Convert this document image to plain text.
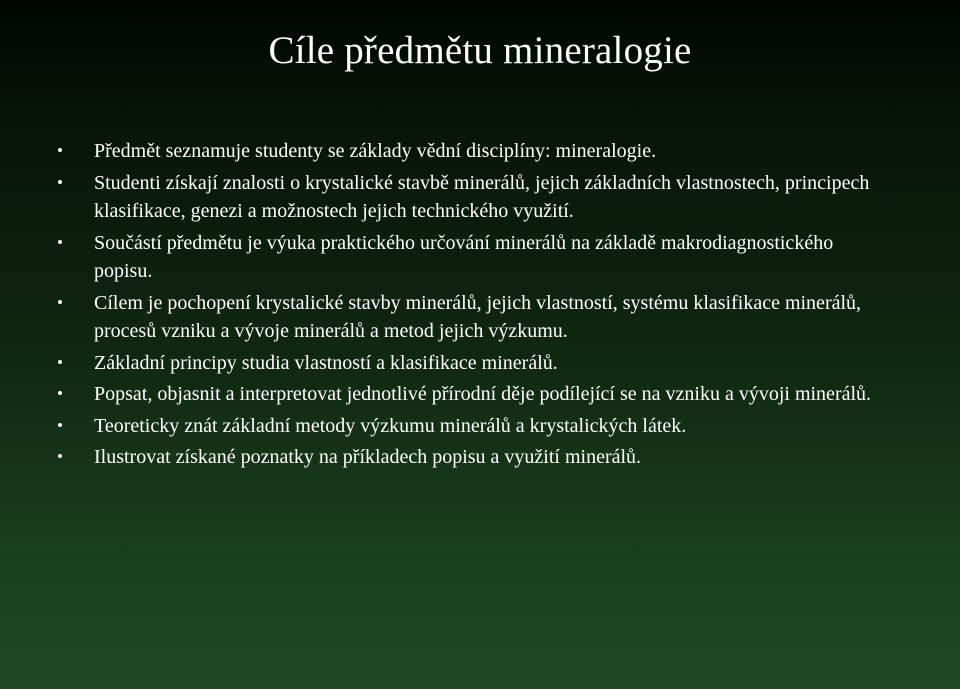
Cíle předmětu mineralogie
• Předmět seznamuje studenty se základy vědní disciplíny: mineralogie.
• Studenti získají znalosti o krystalické stavbě minerálů, jejich základních vlastnostech, principech klasifikace, genezi a možnostech jejich technického využití.
• Součástí předmětu je výuka praktického určování minerálů na základě makrodiagnostického popisu.
• Cílem je pochopení krystalické stavby minerálů, jejich vlastností, systému klasifikace minerálů, procesů vzniku a vývoje minerálů a metod jejich výzkumu.
• Základní principy studia vlastností a klasifikace minerálů.
• Popsat, objasnit a interpretovat jednotlivé přírodní děje podílející se na vzniku a vývoji minerálů.
• Teoreticky znát základní metody výzkumu minerálů a krystalických látek.
• Ilustrovat získané poznatky na příkladech popisu a využití minerálů.
